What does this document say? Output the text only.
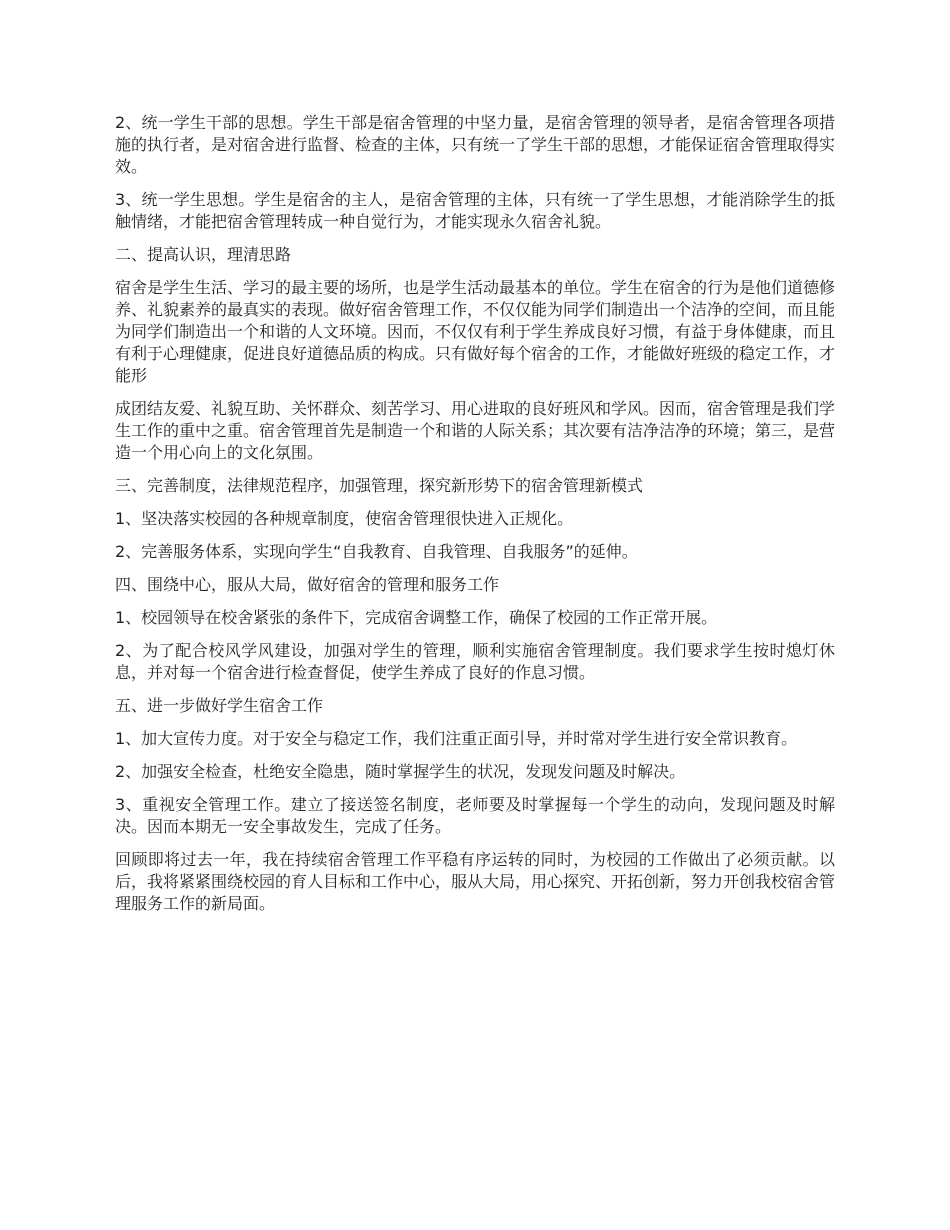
2、统一学生干部的思想。学生干部是宿舍管理的中坚力量，是宿舍管理的领导者，是宿舍管理各项措施的执行者，是对宿舍进行监督、检查的主体，只有统一了学生干部的思想，才能保证宿舍管理取得实效。

3、统一学生思想。学生是宿舍的主人，是宿舍管理的主体，只有统一了学生思想，才能消除学生的抵触情绪，才能把宿舍管理转成一种自觉行为，才能实现永久宿舍礼貌。

二、提高认识，理清思路

宿舍是学生生活、学习的最主要的场所，也是学生活动最基本的单位。学生在宿舍的行为是他们道德修养、礼貌素养的最真实的表现。做好宿舍管理工作，不仅仅能为同学们制造出一个洁净的空间，而且能为同学们制造出一个和谐的人文环境。因而，不仅仅有利于学生养成良好习惯，有益于身体健康，而且有利于心理健康，促进良好道德品质的构成。只有做好每个宿舍的工作，才能做好班级的稳定工作，才能形

成团结友爱、礼貌互助、关怀群众、刻苦学习、用心进取的良好班风和学风。因而，宿舍管理是我们学生工作的重中之重。宿舍管理首先是制造一个和谐的人际关系；其次要有洁净洁净的环境；第三，是营造一个用心向上的文化氛围。

三、完善制度，法律规范程序，加强管理，探究新形势下的宿舍管理新模式

1、坚决落实校园的各种规章制度，使宿舍管理很快进入正规化。

2、完善服务体系，实现向学生“自我教育、自我管理、自我服务”的延伸。

四、围绕中心，服从大局，做好宿舍的管理和服务工作

1、校园领导在校舍紧张的条件下，完成宿舍调整工作，确保了校园的工作正常开展。

2、为了配合校风学风建设，加强对学生的管理，顺利实施宿舍管理制度。我们要求学生按时熄灯休息，并对每一个宿舍进行检查督促，使学生养成了良好的作息习惯。

五、进一步做好学生宿舍工作

1、加大宣传力度。对于安全与稳定工作，我们注重正面引导，并时常对学生进行安全常识教育。

2、加强安全检查，杜绝安全隐患，随时掌握学生的状况，发现发问题及时解决。

3、重视安全管理工作。建立了接送签名制度，老师要及时掌握每一个学生的动向，发现问题及时解决。因而本期无一安全事故发生，完成了任务。

回顾即将过去一年，我在持续宿舍管理工作平稳有序运转的同时，为校园的工作做出了必须贡献。以后，我将紧紧围绕校园的育人目标和工作中心，服从大局，用心探究、开拓创新，努力开创我校宿舍管理服务工作的新局面。
